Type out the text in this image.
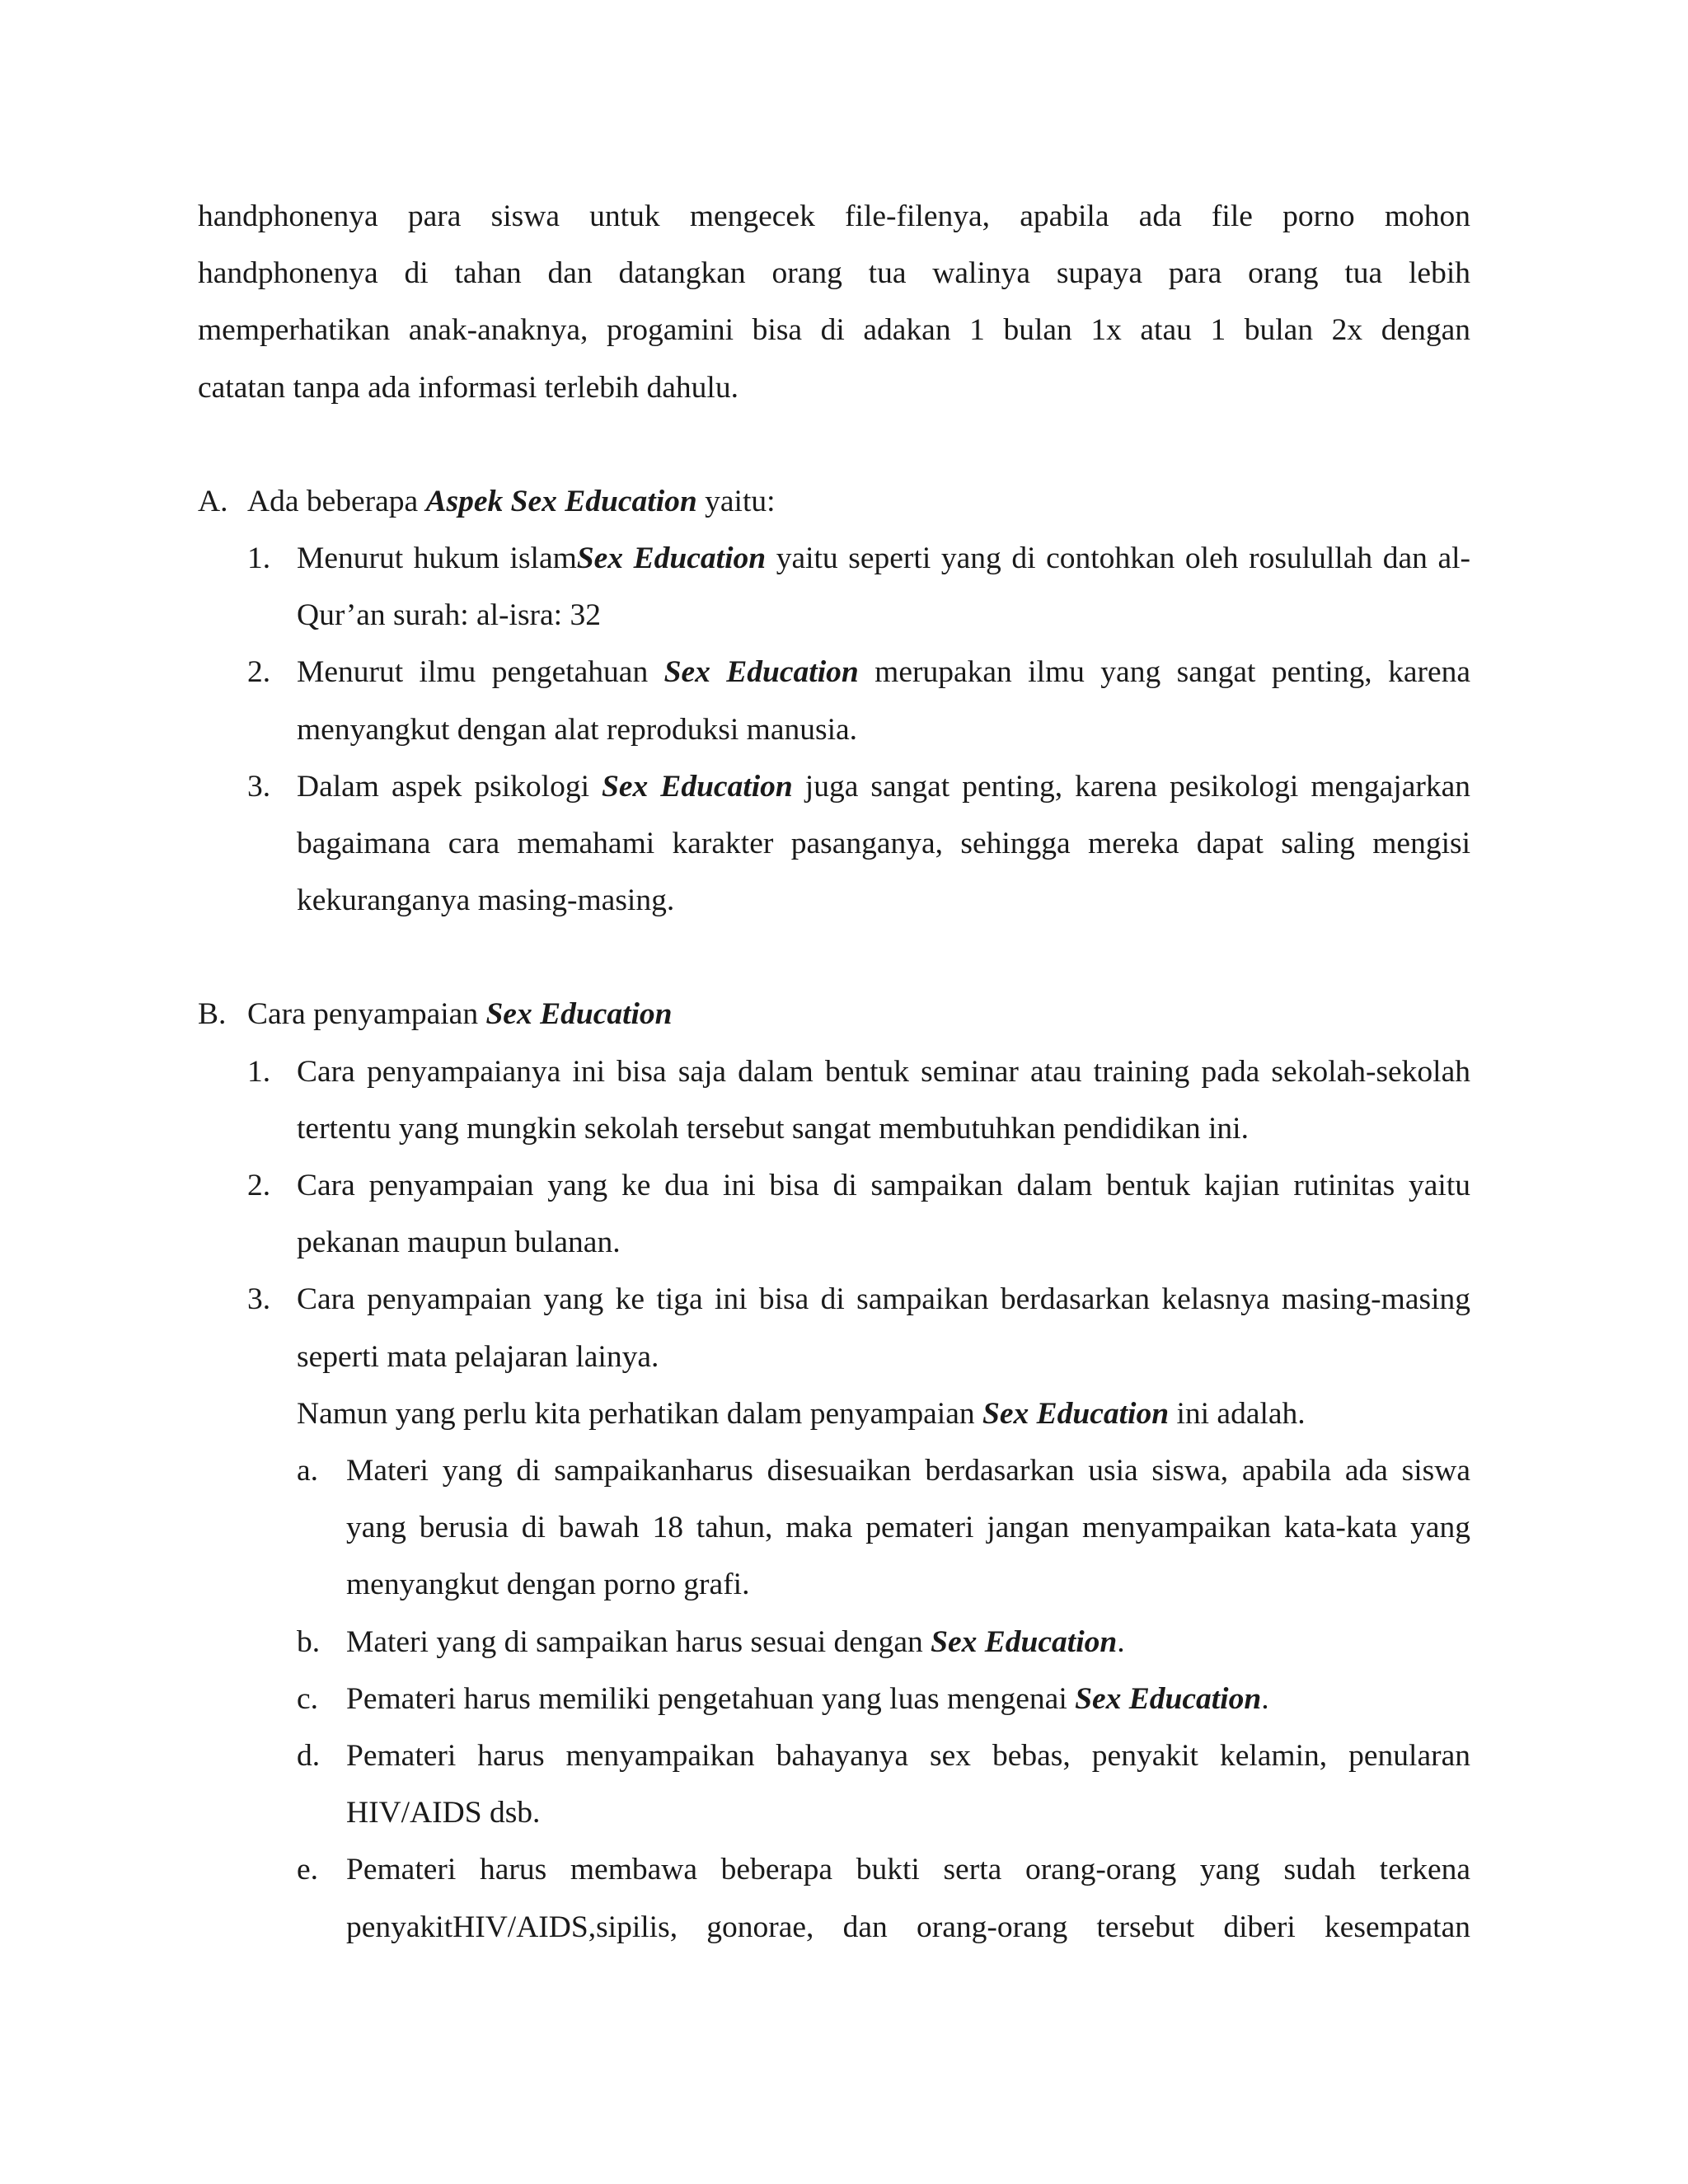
handphonenya para siswa untuk mengecek file-filenya, apabila ada file porno mohon
handphonenya di tahan dan datangkan orang tua walinya supaya para orang tua lebih
memperhatikan anak-anaknya, progamini bisa di adakan 1 bulan 1x atau 1 bulan 2x dengan
catatan tanpa ada informasi terlebih dahulu.
A. Ada beberapa Aspek Sex Education yaitu:
1. Menurut hukum islamSex Education yaitu seperti yang di contohkan oleh rosulullah dan al-Qur’an surah: al-isra: 32
2. Menurut ilmu pengetahuan Sex Education merupakan ilmu yang sangat penting, karena menyangkut dengan alat reproduksi manusia.
3. Dalam aspek psikologi Sex Education juga sangat penting, karena pesikologi mengajarkan bagaimana cara memahami karakter pasanganya, sehingga mereka dapat saling mengisi kekuranganya masing-masing.
B. Cara penyampaian Sex Education
1. Cara penyampaianya ini bisa saja dalam bentuk seminar atau training pada sekolah-sekolah tertentu yang mungkin sekolah tersebut sangat membutuhkan pendidikan ini.
2. Cara penyampaian yang ke dua ini bisa di sampaikan dalam bentuk kajian rutinitas yaitu pekanan maupun bulanan.
3. Cara penyampaian yang ke tiga ini bisa di sampaikan berdasarkan kelasnya masing-masing seperti mata pelajaran lainya.
Namun yang perlu kita perhatikan dalam penyampaian Sex Education ini adalah.
a. Materi yang di sampaikanharus disesuaikan berdasarkan usia siswa, apabila ada siswa yang berusia di bawah 18 tahun, maka pemateri jangan menyampaikan kata-kata yang menyangkut dengan porno grafi.
b. Materi yang di sampaikan harus sesuai dengan Sex Education.
c. Pemateri harus memiliki pengetahuan yang luas mengenai Sex Education.
d. Pemateri harus menyampaikan bahayanya sex bebas, penyakit kelamin, penularan HIV/AIDS dsb.
e. Pemateri harus membawa beberapa bukti serta orang-orang yang sudah terkena penyakitHIV/AIDS,sipilis, gonorae, dan orang-orang tersebut diberi kesempatan
